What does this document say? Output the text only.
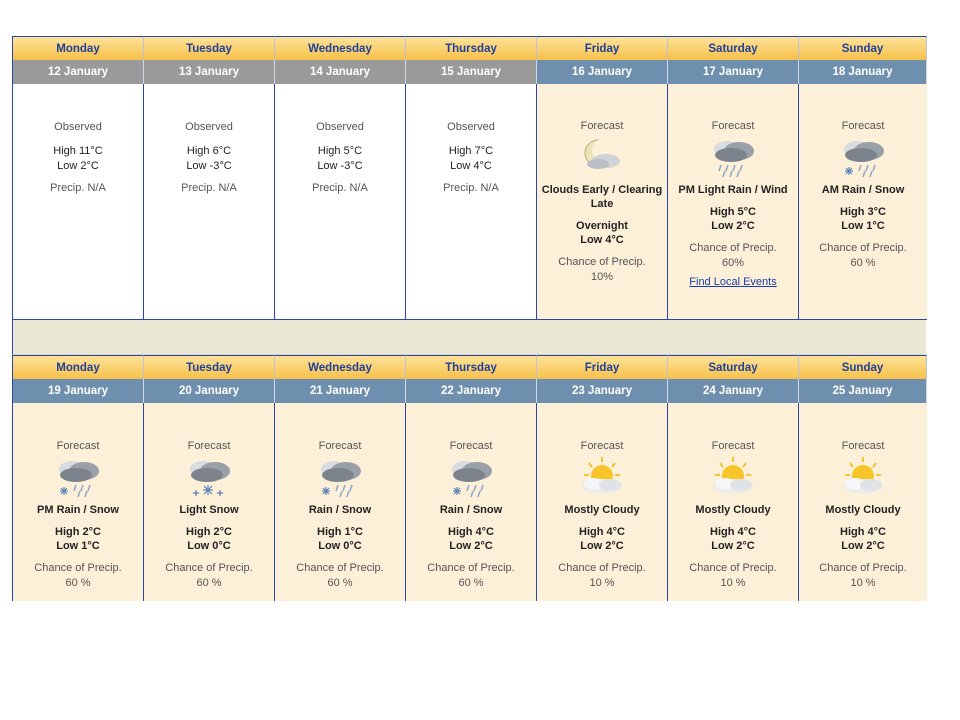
Monday	Tuesday	Wednesday	Thursday	Friday	Saturday	Sunday
12 January	13 January	14 January	15 January	16 January	17 January	18 January
Observed
High 11°C
Low 2°C
Precip. N/A
Observed
High 6°C
Low -3°C
Precip. N/A
Observed
High 5°C
Low -3°C
Precip. N/A
Observed
High 7°C
Low 4°C
Precip. N/A
Forecast
Clouds Early / Clearing Late
Overnight
Low 4°C
Chance of Precip.
10%
Forecast
PM Light Rain / Wind
High 5°C
Low 2°C
Chance of Precip.
60%
Find Local Events
Forecast
AM Rain / Snow
High 3°C
Low 1°C
Chance of Precip.
60 %
Monday	Tuesday	Wednesday	Thursday	Friday	Saturday	Sunday
19 January	20 January	21 January	22 January	23 January	24 January	25 January
Forecast
PM Rain / Snow
High 2°C
Low 1°C
Chance of Precip.
60 %
Forecast
Light Snow
High 2°C
Low 0°C
Chance of Precip.
60 %
Forecast
Rain / Snow
High 1°C
Low 0°C
Chance of Precip.
60 %
Forecast
Rain / Snow
High 4°C
Low 2°C
Chance of Precip.
60 %
Forecast
Mostly Cloudy
High 4°C
Low 2°C
Chance of Precip.
10 %
Forecast
Mostly Cloudy
High 4°C
Low 2°C
Chance of Precip.
10 %
Forecast
Mostly Cloudy
High 4°C
Low 2°C
Chance of Precip.
10 %
